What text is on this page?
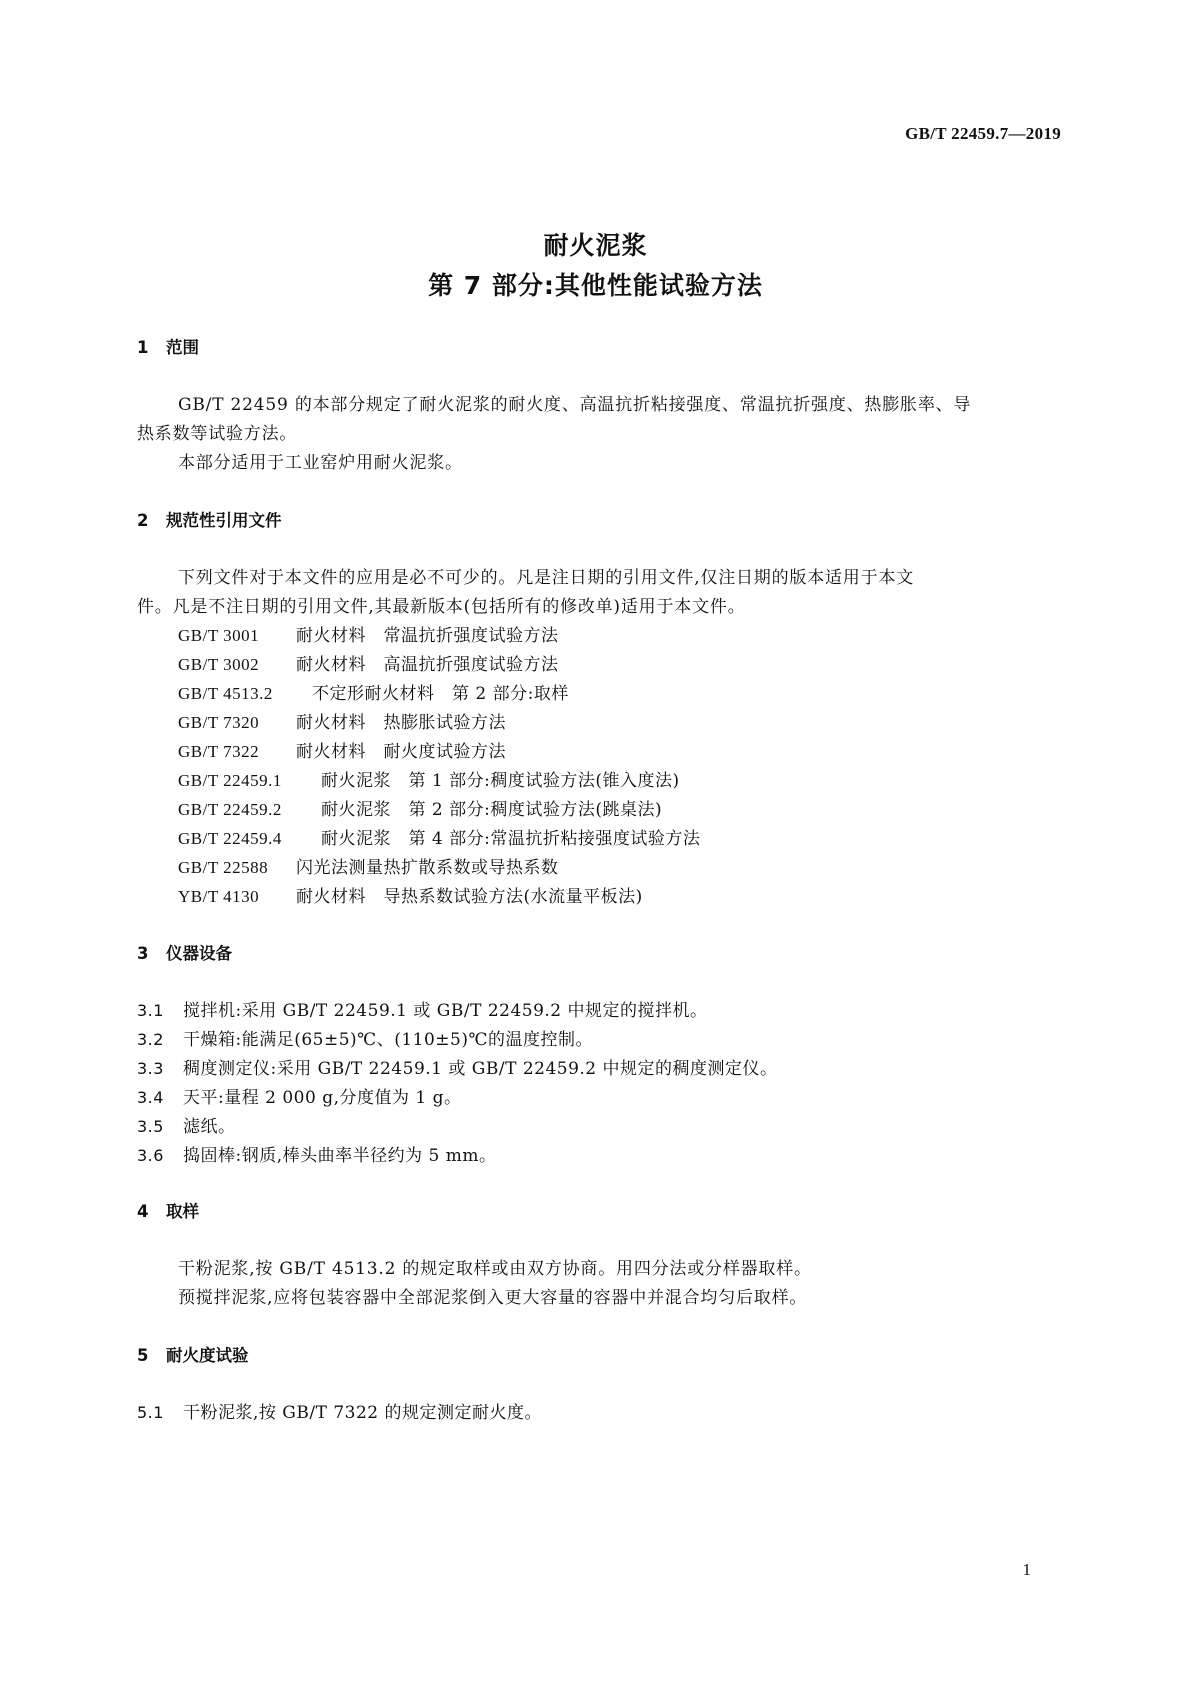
GB/T 22459.7—2019
耐火泥浆
第 7 部分:其他性能试验方法
1 范围
GB/T 22459 的本部分规定了耐火泥浆的耐火度、高温抗折粘接强度、常温抗折强度、热膨胀率、导
热系数等试验方法。
本部分适用于工业窑炉用耐火泥浆。
2 规范性引用文件
下列文件对于本文件的应用是必不可少的。凡是注日期的引用文件,仅注日期的版本适用于本文
件。凡是不注日期的引用文件,其最新版本(包括所有的修改单)适用于本文件。
GB/T 3001 耐火材料　常温抗折强度试验方法
GB/T 3002 耐火材料　高温抗折强度试验方法
GB/T 4513.2 不定形耐火材料　第 2 部分:取样
GB/T 7320 耐火材料　热膨胀试验方法
GB/T 7322 耐火材料　耐火度试验方法
GB/T 22459.1 耐火泥浆　第 1 部分:稠度试验方法(锥入度法)
GB/T 22459.2 耐火泥浆　第 2 部分:稠度试验方法(跳桌法)
GB/T 22459.4 耐火泥浆　第 4 部分:常温抗折粘接强度试验方法
GB/T 22588 闪光法测量热扩散系数或导热系数
YB/T 4130 耐火材料　导热系数试验方法(水流量平板法)
3 仪器设备
3.1 搅拌机:采用 GB/T 22459.1 或 GB/T 22459.2 中规定的搅拌机。
3.2 干燥箱:能满足(65±5)℃、(110±5)℃的温度控制。
3.3 稠度测定仪:采用 GB/T 22459.1 或 GB/T 22459.2 中规定的稠度测定仪。
3.4 天平:量程 2 000 g,分度值为 1 g。
3.5 滤纸。
3.6 捣固棒:钢质,棒头曲率半径约为 5 mm。
4 取样
干粉泥浆,按 GB/T 4513.2 的规定取样或由双方协商。用四分法或分样器取样。
预搅拌泥浆,应将包装容器中全部泥浆倒入更大容量的容器中并混合均匀后取样。
5 耐火度试验
5.1 干粉泥浆,按 GB/T 7322 的规定测定耐火度。
1
